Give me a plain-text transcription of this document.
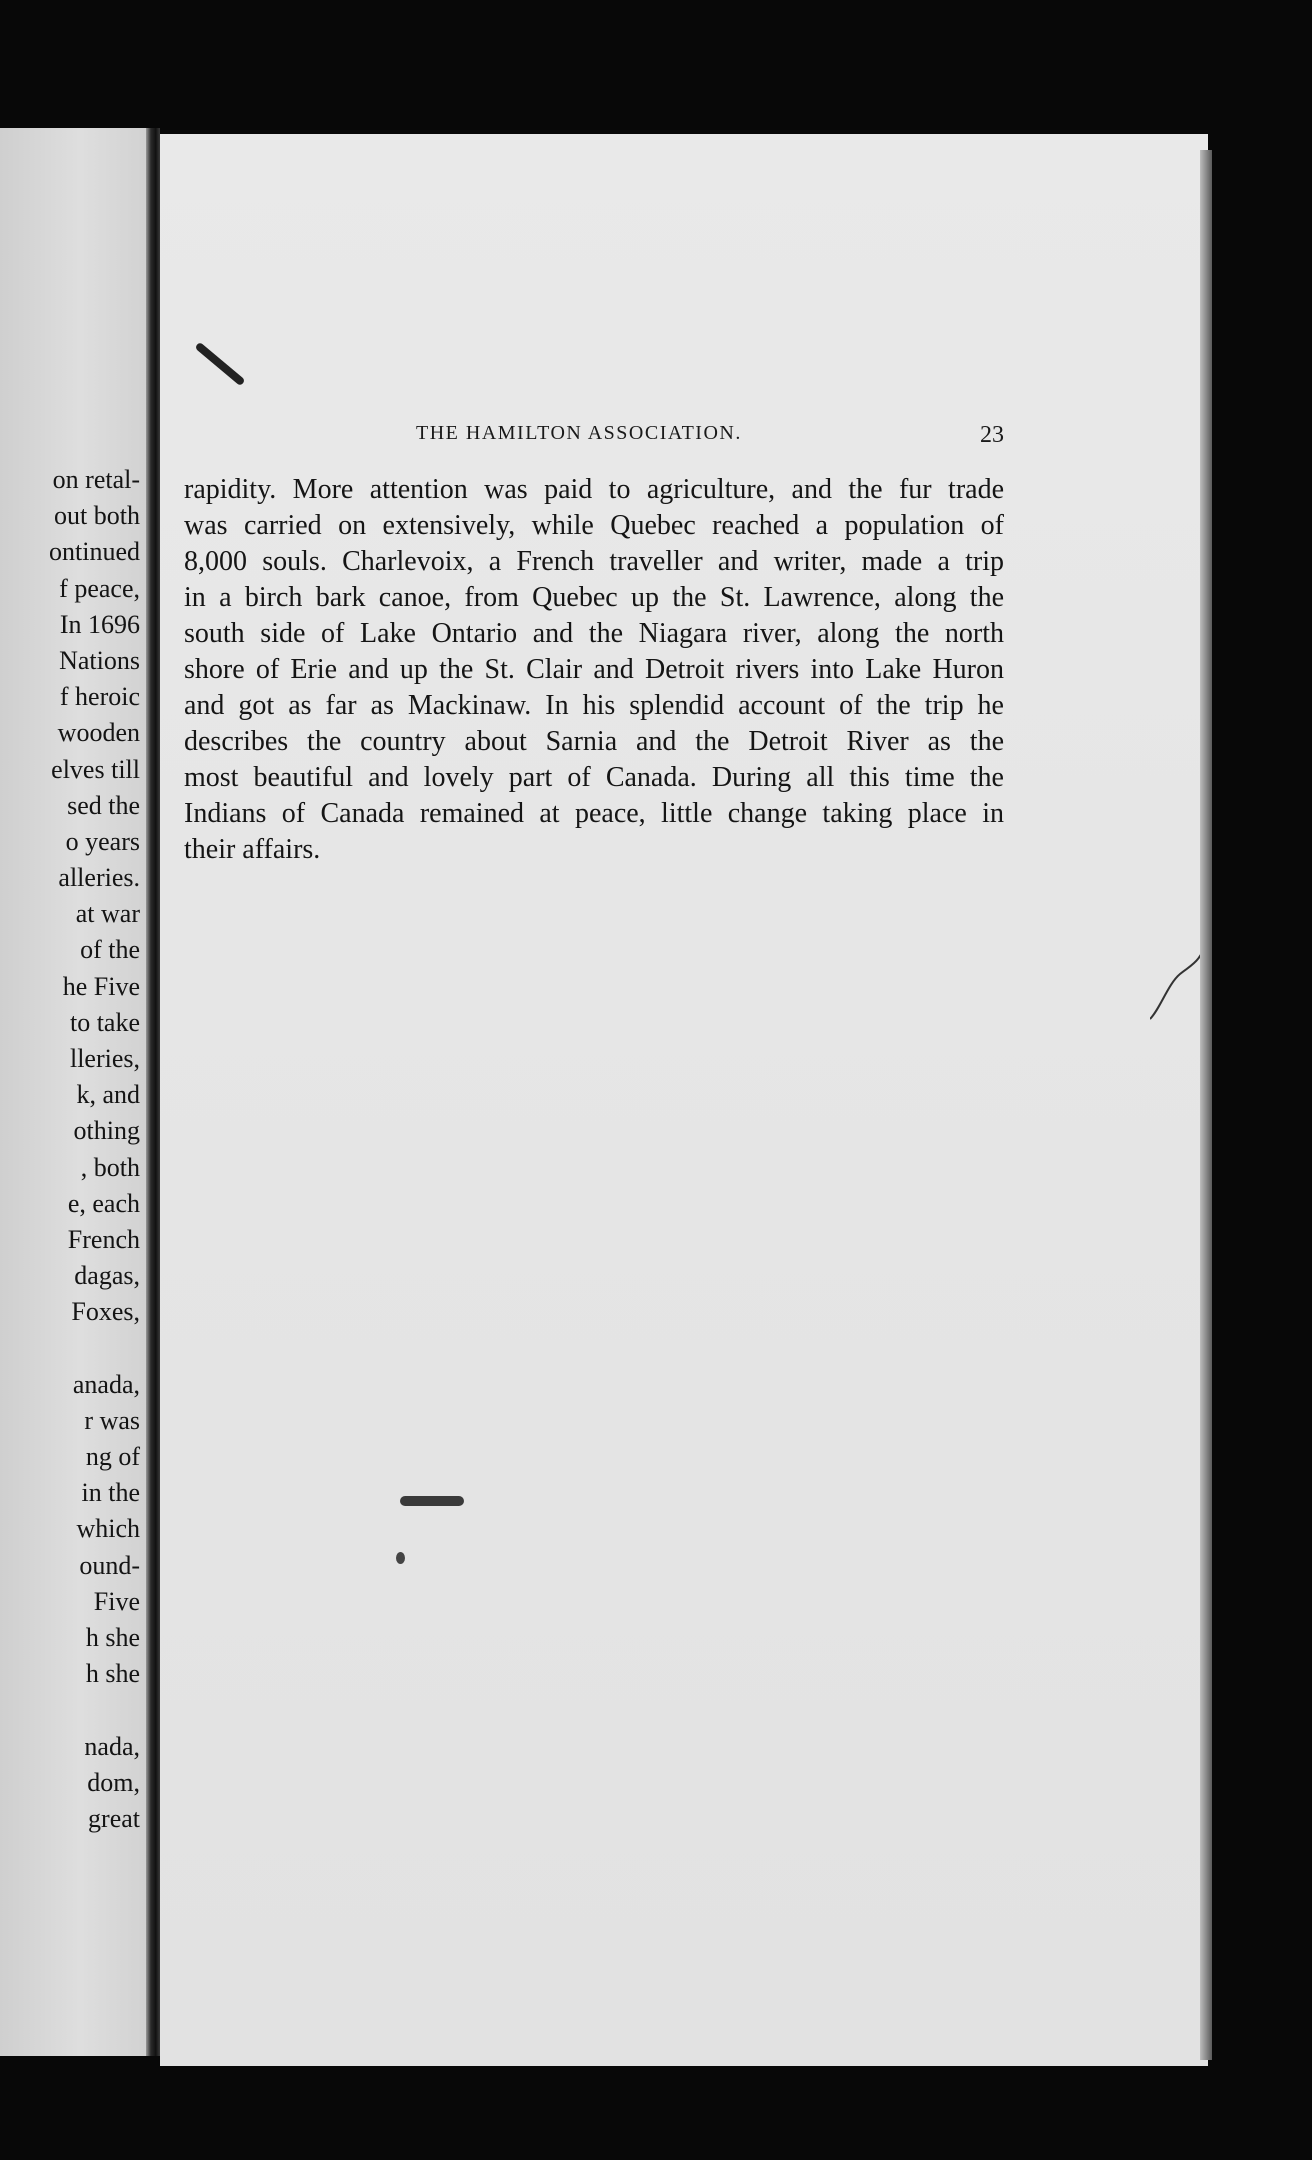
on retal-
out both
ontinued
f peace,
In 1696
Nations
f heroic
wooden
elves till
sed the
o years
alleries.
at war
of the
he Five
to take
lleries,
k, and
othing
, both
e, each
French
dagas,
Foxes,
anada,
r was
ng of
in the
which
ound-
Five
h she
h she
nada,
dom,
great
THE HAMILTON ASSOCIATION.	23
rapidity. More attention was paid to agriculture, and the fur trade
was carried on extensively, while Quebec reached a population of
8,000 souls. Charlevoix, a French traveller and writer, made a trip
in a birch bark canoe, from Quebec up the St. Lawrence, along the
south side of Lake Ontario and the Niagara river, along the north
shore of Erie and up the St. Clair and Detroit rivers into Lake Huron
and got as far as Mackinaw. In his splendid account of the trip he
describes the country about Sarnia and the Detroit River as the
most beautiful and lovely part of Canada. During all this time the
Indians of Canada remained at peace, little change taking place in
their affairs.
